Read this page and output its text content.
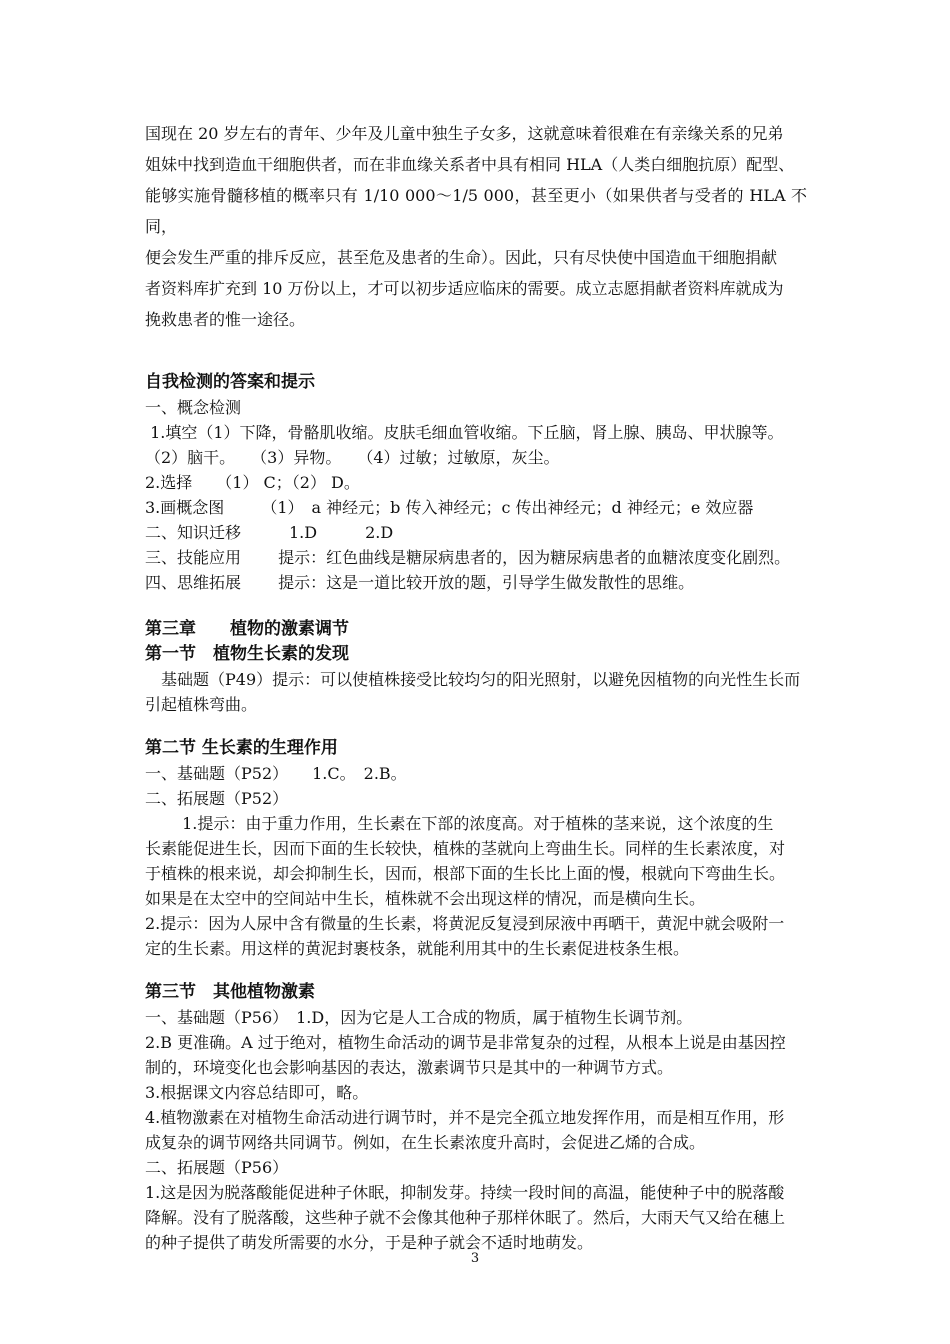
国现在 20 岁左右的青年、少年及儿童中独生子女多，这就意味着很难在有亲缘关系的兄弟

姐妹中找到造血干细胞供者，而在非血缘关系者中具有相同 HLA（人类白细胞抗原）配型、

能够实施骨髓移植的概率只有 1/10 000～1/5 000，甚至更小（如果供者与受者的 HLA 不同，

便会发生严重的排斥反应，甚至危及患者的生命）。因此，只有尽快使中国造血干细胞捐献

者资料库扩充到 10 万份以上，才可以初步适应临床的需要。成立志愿捐献者资料库就成为

挽救患者的惟一途径。

自我检测的答案和提示

一、概念检测

1.填空（1）下降，骨骼肌收缩。皮肤毛细血管收缩。下丘脑，肾上腺、胰岛、甲状腺等。

（2）脑干。　　（3）异物。　　（4）过敏；过敏原，灰尘。

2.选择　　（1） C；（2） D。

3.画概念图　　 （1）　a 神经元；b 传入神经元；c 传出神经元；d 神经元；e 效应器

二、知识迁移　　　1.D　　　2.D

三、技能应用　　 提示：红色曲线是糖尿病患者的，因为糖尿病患者的血糖浓度变化剧烈。

四、思维拓展　　 提示：这是一道比较开放的题，引导学生做发散性的思维。

第三章　　植物的激素调节

第一节　植物生长素的发现

　基础题（P49）提示：可以使植株接受比较均匀的阳光照射，以避免因植物的向光性生长而

引起植株弯曲。

第二节 生长素的生理作用

一、基础题（P52）　　1.C。　2.B。

二、拓展题（P52）

　　 1.提示：由于重力作用，生长素在下部的浓度高。对于植株的茎来说，这个浓度的生

长素能促进生长，因而下面的生长较快，植株的茎就向上弯曲生长。同样的生长素浓度，对

于植株的根来说，却会抑制生长，因而，根部下面的生长比上面的慢，根就向下弯曲生长。

如果是在太空中的空间站中生长，植株就不会出现这样的情况，而是横向生长。

2.提示：因为人尿中含有微量的生长素，将黄泥反复浸到尿液中再晒干，黄泥中就会吸附一

定的生长素。用这样的黄泥封裹枝条，就能利用其中的生长素促进枝条生根。

第三节　其他植物激素

一、基础题（P56）　1.D，因为它是人工合成的物质，属于植物生长调节剂。

2.B 更准确。A 过于绝对，植物生命活动的调节是非常复杂的过程，从根本上说是由基因控

制的，环境变化也会影响基因的表达，激素调节只是其中的一种调节方式。

3.根据课文内容总结即可，略。

4.植物激素在对植物生命活动进行调节时，并不是完全孤立地发挥作用，而是相互作用，形

成复杂的调节网络共同调节。例如，在生长素浓度升高时，会促进乙烯的合成。

二、拓展题（P56）

1.这是因为脱落酸能促进种子休眠，抑制发芽。持续一段时间的高温，能使种子中的脱落酸

降解。没有了脱落酸，这些种子就不会像其他种子那样休眠了。然后，大雨天气又给在穗上

的种子提供了萌发所需要的水分，于是种子就会不适时地萌发。

3
